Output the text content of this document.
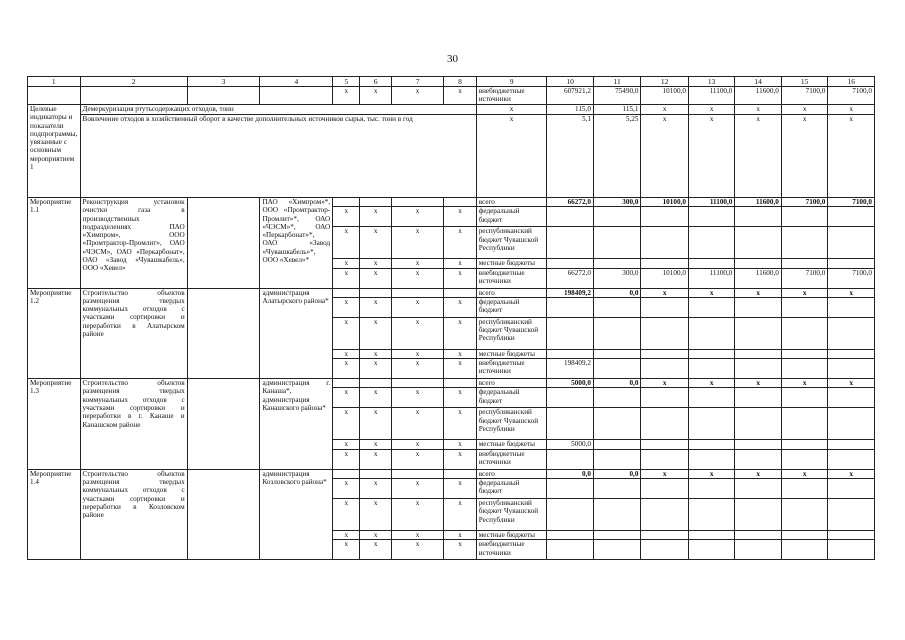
30
1	2	3	4	5	6	7	8	9	10	11	12	13	14	15	16
				x	x	x	x	внебюджетные источники	607921,2	75490,0	10100,0	11100,0	11600,0	7100,0	7100,0
Целевые индикаторы и показатели подпрограммы, увязанные с основным мероприятием 1	Демеркуризация ртутьсодержащих отходов, тонн							x	115,0	115,1	x	x	x	x	x
	Вовлечение отходов в хозяйственный оборот в качестве дополнительных источников сырья, тыс. тонн в год							x	5,1	5,25	x	x	x	x	x
Мероприятие 1.1	Реконструкция установок очистки газа в производственных подразделениях ПАО «Химпром», ООО «Промтрактор-Промлит», ОАО «ЧЭСМ», ОАО «Перкарбонат», ОАО «Завод «Чувашкабель», ООО «Хевел»		ПАО «Химпром»*, ООО «Промтрактор-Промлит»*, ОАО «ЧЭСМ»*, ОАО «Перкарбонат»*, ОАО «Завод «Чувашкабель»*, ООО «Хевел»*					всего	66272,0	300,0	10100,0	11100,0	11600,0	7100,0	7100,0
				x	x	x	x	федеральный бюджет							
				x	x	x	x	республиканский бюджет Чувашской Республики							
				x	x	x	x	местные бюджеты							
				x	x	x	x	внебюджетные источники	66272,0	300,0	10100,0	11100,0	11600,0	7100,0	7100,0
Мероприятие 1.2	Строительство объектов размещения твердых коммунальных отходов с участками сортировки и переработки в Алатырском районе		администрация Алатырского района*					всего	198409,2	0,0	x	x	x	x	x
				x	x	x	x	федеральный бюджет							
				x	x	x	x	республиканский бюджет Чувашской Республики							
				x	x	x	x	местные бюджеты							
				x	x	x	x	внебюджетные источники	198409,2						
Мероприятие 1.3	Строительство объектов размещения твердых коммунальных отходов с участками сортировки и переработки в г. Канаше и Канашском районе		администрация г. Канаша*, администрация Канашского района*					всего	5000,0	0,0	x	x	x	x	x
				x	x	x	x	федеральный бюджет							
				x	x	x	x	республиканский бюджет Чувашской Республики							
				x	x	x	x	местные бюджеты	5000,0						
				x	x	x	x	внебюджетные источники							
Мероприятие 1.4	Строительство объектов размещения твердых коммунальных отходов с участками сортировки и переработки в Козловском районе		администрация Козловского района*					всего	0,0	0,0	x	x	x	x	x
				x	x	x	x	федеральный бюджет							
				x	x	x	x	республиканский бюджет Чувашской Республики							
				x	x	x	x	местные бюджеты							
				x	x	x	x	внебюджетные источники							
